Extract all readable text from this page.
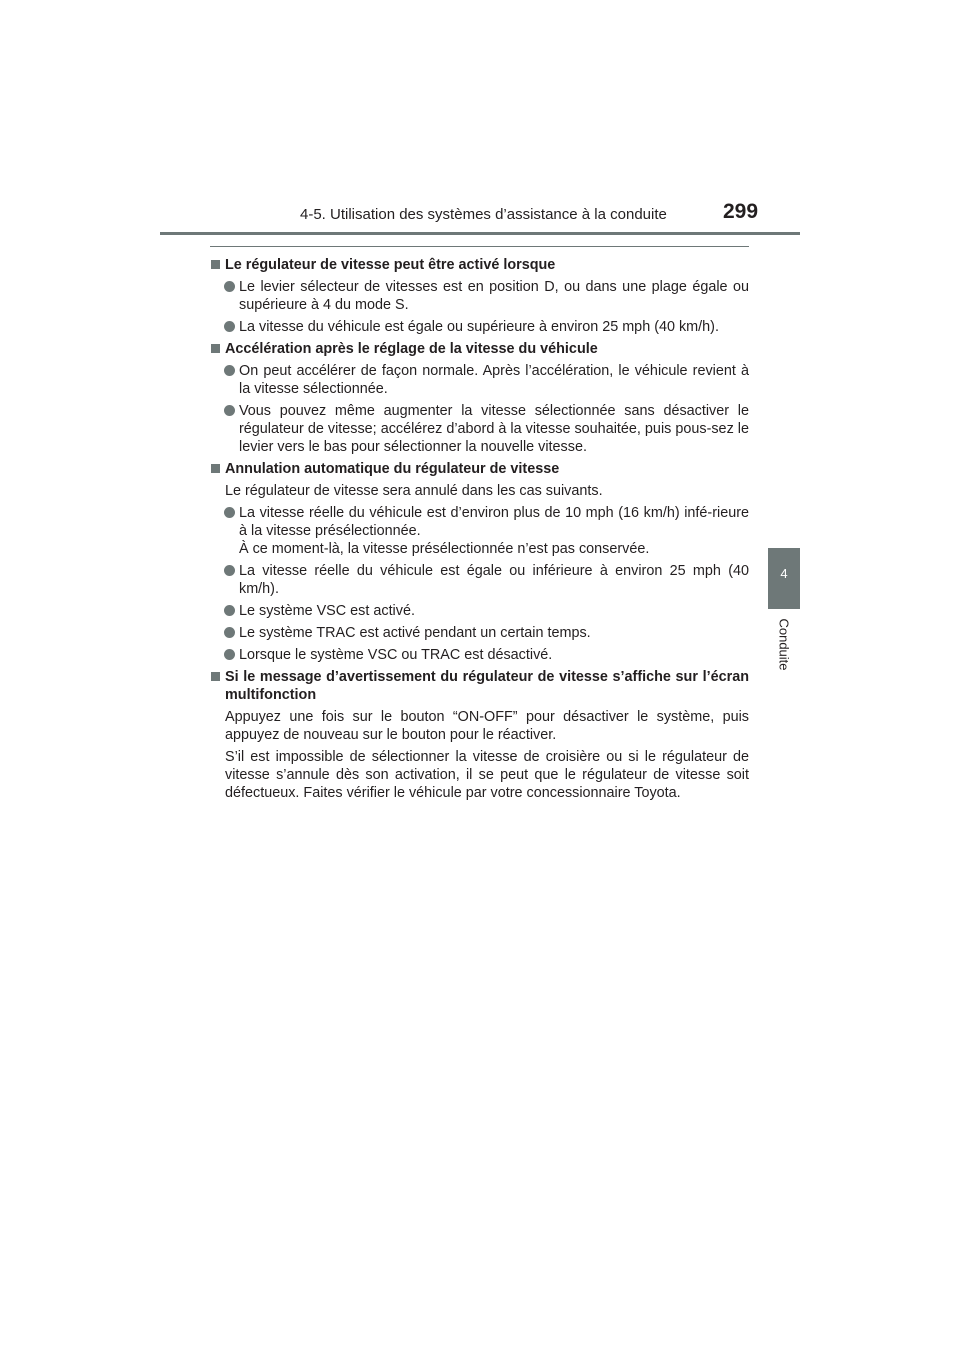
4-5. Utilisation des systèmes d’assistance à la conduite	299
4
Conduite
Le régulateur de vitesse peut être activé lorsque
Le levier sélecteur de vitesses est en position D, ou dans une plage égale ou supérieure à 4 du mode S.
La vitesse du véhicule est égale ou supérieure à environ 25 mph (40 km/h).
Accélération après le réglage de la vitesse du véhicule
On peut accélérer de façon normale. Après l’accélération, le véhicule revient à la vitesse sélectionnée.
Vous pouvez même augmenter la vitesse sélectionnée sans désactiver le régulateur de vitesse; accélérez d’abord à la vitesse souhaitée, puis pous-sez le levier vers le bas pour sélectionner la nouvelle vitesse.
Annulation automatique du régulateur de vitesse
Le régulateur de vitesse sera annulé dans les cas suivants.
La vitesse réelle du véhicule est d’environ plus de 10 mph (16 km/h) infé-rieure à la vitesse présélectionnée.
À ce moment-là, la vitesse présélectionnée n’est pas conservée.
La vitesse réelle du véhicule est égale ou inférieure à environ 25 mph (40 km/h).
Le système VSC est activé.
Le système TRAC est activé pendant un certain temps.
Lorsque le système VSC ou TRAC est désactivé.
Si le message d’avertissement du régulateur de vitesse s’affiche sur l’écran multifonction
Appuyez une fois sur le bouton “ON-OFF” pour désactiver le système, puis appuyez de nouveau sur le bouton pour le réactiver.
S’il est impossible de sélectionner la vitesse de croisière ou si le régulateur de vitesse s’annule dès son activation, il se peut que le régulateur de vitesse soit défectueux. Faites vérifier le véhicule par votre concessionnaire Toyota.
